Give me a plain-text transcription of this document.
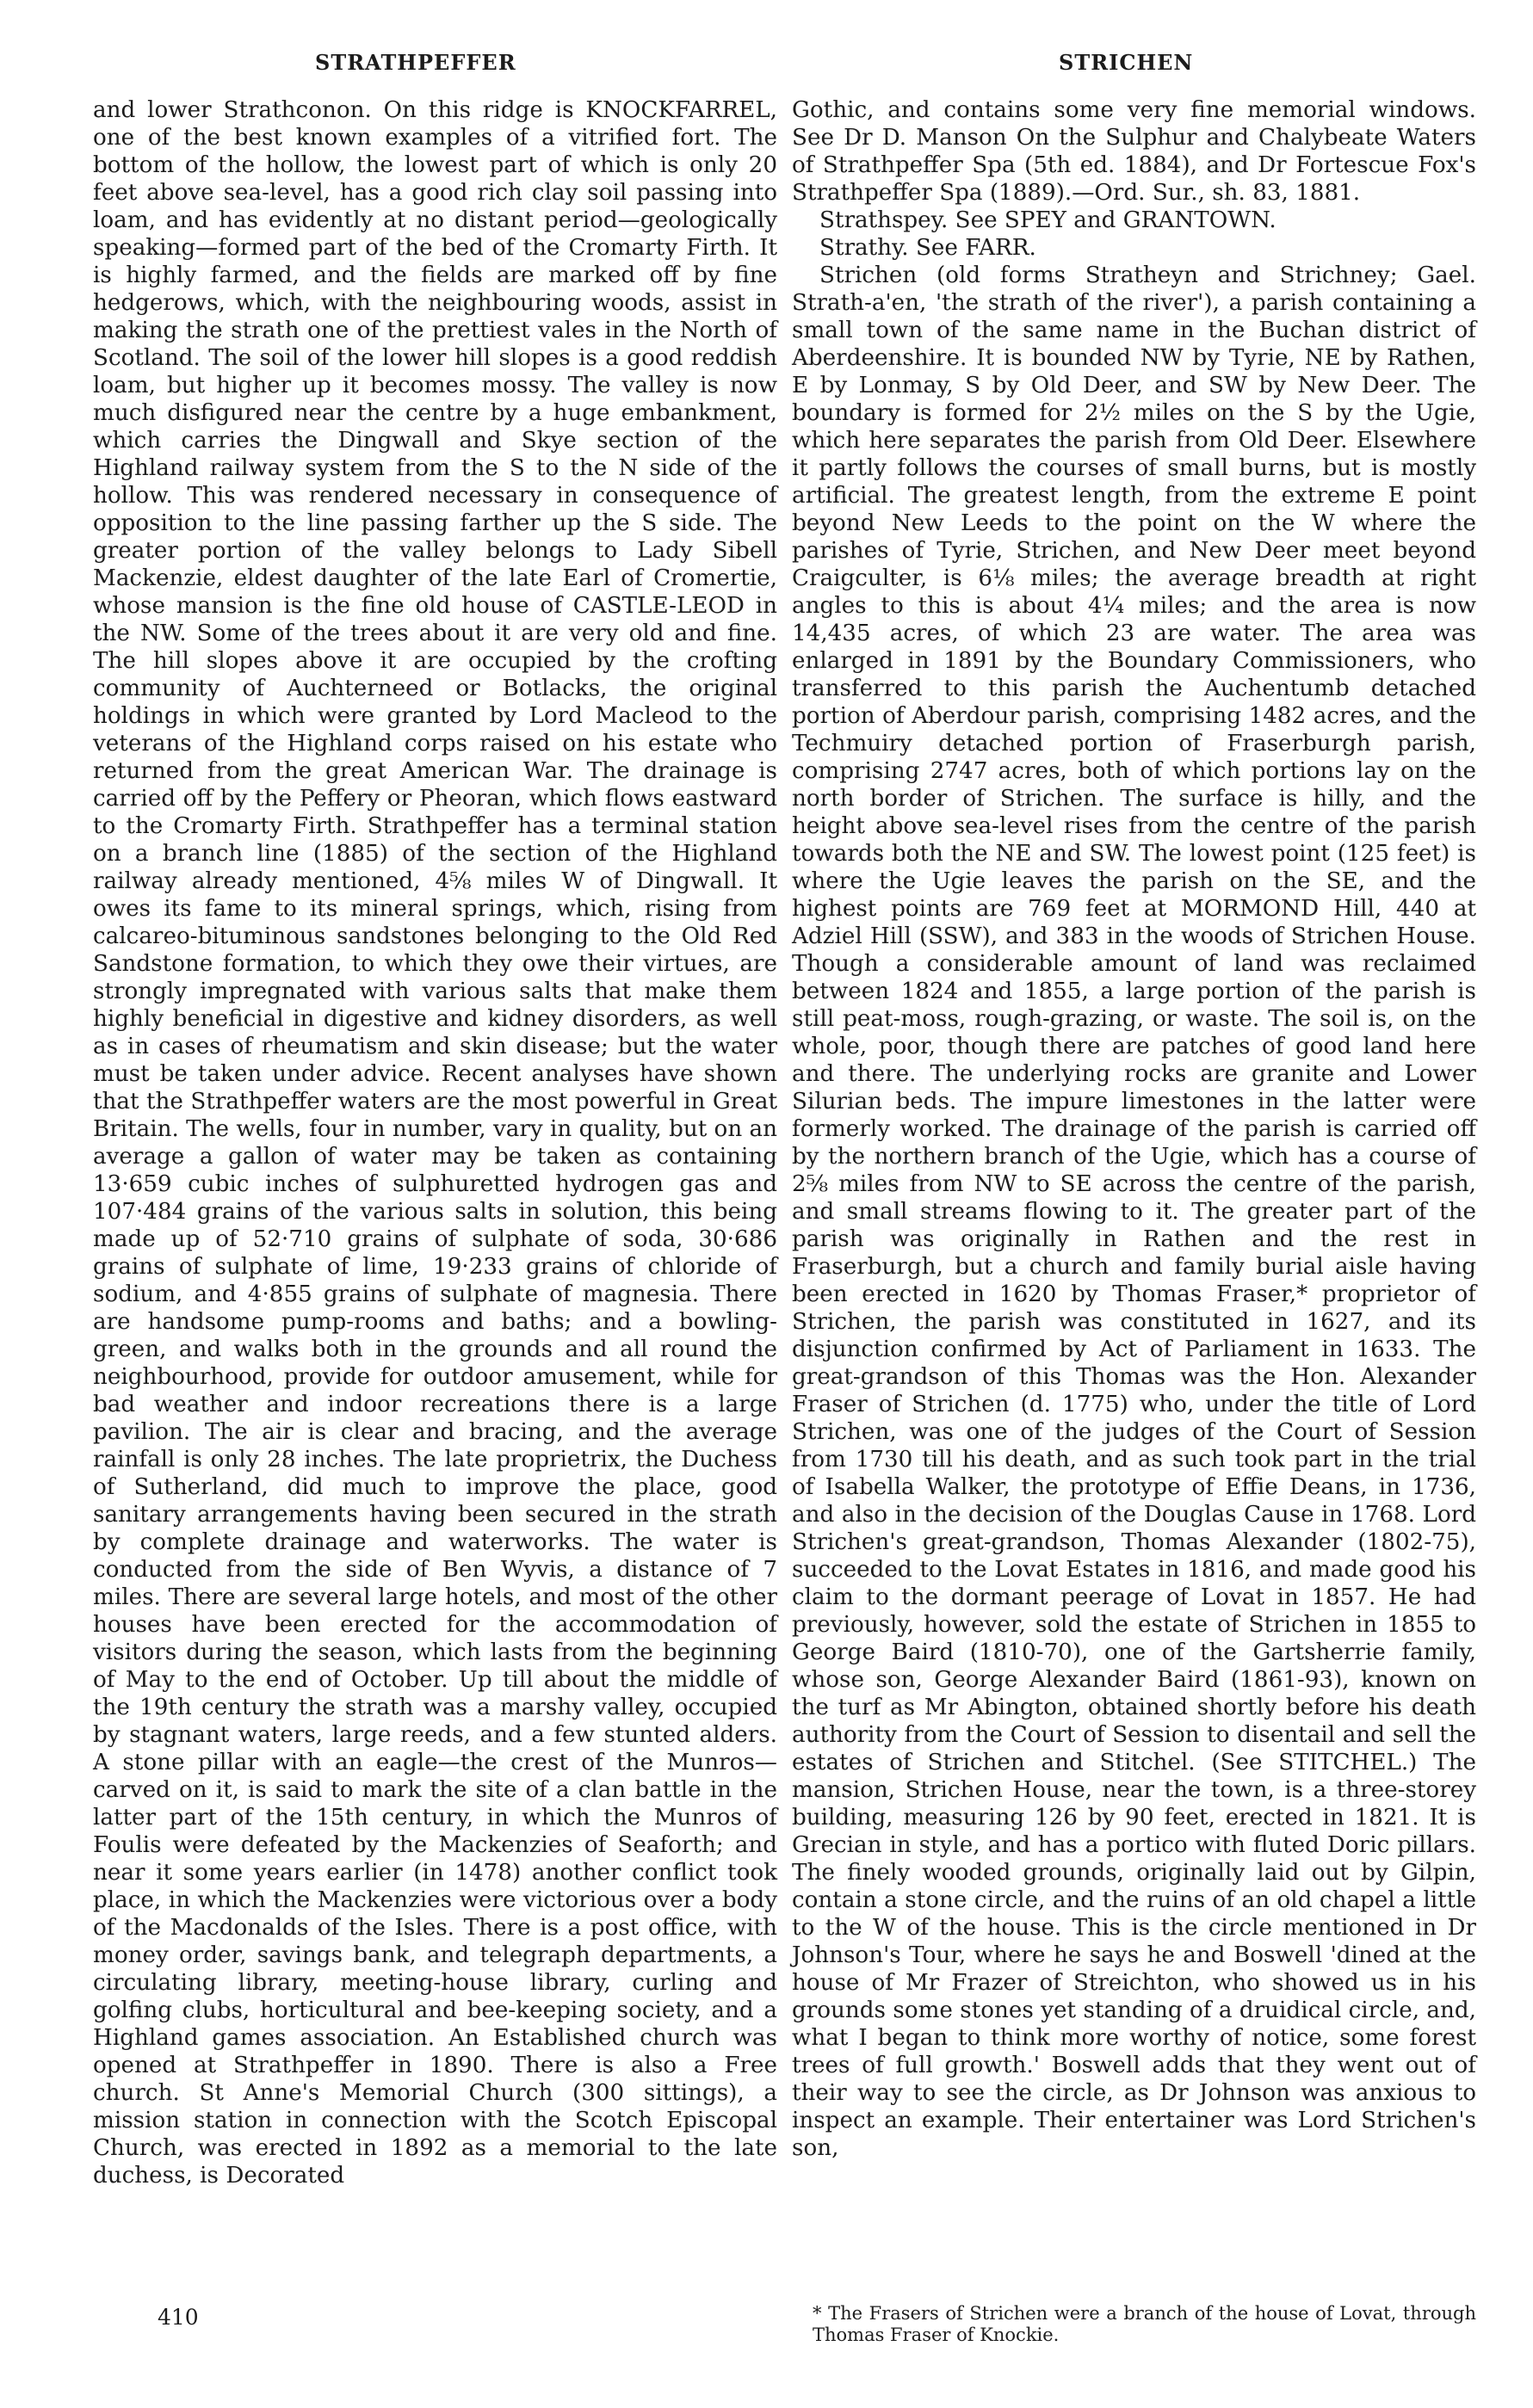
STRATHPEFFER	STRICHEN

and lower Strathconon. On this ridge is KNOCKFARREL, one of the best known examples of a vitrified fort. The bottom of the hollow, the lowest part of which is only 20 feet above sea-level, has a good rich clay soil passing into loam, and has evidently at no distant period—geologically speaking—formed part of the bed of the Cromarty Firth. It is highly farmed, and the fields are marked off by fine hedgerows, which, with the neighbouring woods, assist in making the strath one of the prettiest vales in the North of Scotland. The soil of the lower hill slopes is a good reddish loam, but higher up it becomes mossy. The valley is now much disfigured near the centre by a huge embankment, which carries the Dingwall and Skye section of the Highland railway system from the S to the N side of the hollow. This was rendered necessary in consequence of opposition to the line passing farther up the S side. The greater portion of the valley belongs to Lady Sibell Mackenzie, eldest daughter of the late Earl of Cromertie, whose mansion is the fine old house of CASTLE-LEOD in the NW. Some of the trees about it are very old and fine. The hill slopes above it are occupied by the crofting community of Auchterneed or Botlacks, the original holdings in which were granted by Lord Macleod to the veterans of the Highland corps raised on his estate who returned from the great American War. The drainage is carried off by the Peffery or Pheoran, which flows eastward to the Cromarty Firth. Strathpeffer has a terminal station on a branch line (1885) of the section of the Highland railway already mentioned, 4⅝ miles W of Dingwall. It owes its fame to its mineral springs, which, rising from calcareo-bituminous sandstones belonging to the Old Red Sandstone formation, to which they owe their virtues, are strongly impregnated with various salts that make them highly beneficial in digestive and kidney disorders, as well as in cases of rheumatism and skin disease; but the water must be taken under advice. Recent analyses have shown that the Strathpeffer waters are the most powerful in Great Britain. The wells, four in number, vary in quality, but on an average a gallon of water may be taken as containing 13·659 cubic inches of sulphuretted hydrogen gas and 107·484 grains of the various salts in solution, this being made up of 52·710 grains of sulphate of soda, 30·686 grains of sulphate of lime, 19·233 grains of chloride of sodium, and 4·855 grains of sulphate of magnesia. There are handsome pump-rooms and baths; and a bowling-green, and walks both in the grounds and all round the neighbourhood, provide for outdoor amusement, while for bad weather and indoor recreations there is a large pavilion. The air is clear and bracing, and the average rainfall is only 28 inches. The late proprietrix, the Duchess of Sutherland, did much to improve the place, good sanitary arrangements having been secured in the strath by complete drainage and waterworks. The water is conducted from the side of Ben Wyvis, a distance of 7 miles. There are several large hotels, and most of the other houses have been erected for the accommodation of visitors during the season, which lasts from the beginning of May to the end of October. Up till about the middle of the 19th century the strath was a marshy valley, occupied by stagnant waters, large reeds, and a few stunted alders. A stone pillar with an eagle—the crest of the Munros—carved on it, is said to mark the site of a clan battle in the latter part of the 15th century, in which the Munros of Foulis were defeated by the Mackenzies of Seaforth; and near it some years earlier (in 1478) another conflict took place, in which the Mackenzies were victorious over a body of the Macdonalds of the Isles. There is a post office, with money order, savings bank, and telegraph departments, a circulating library, meeting-house library, curling and golfing clubs, horticultural and bee-keeping society, and a Highland games association. An Established church was opened at Strathpeffer in 1890. There is also a Free church. St Anne's Memorial Church (300 sittings), a mission station in connection with the Scotch Episcopal Church, was erected in 1892 as a memorial to the late duchess, is Decorated

Gothic, and contains some very fine memorial windows. See Dr D. Manson On the Sulphur and Chalybeate Waters of Strathpeffer Spa (5th ed. 1884), and Dr Fortescue Fox's Strathpeffer Spa (1889).—Ord. Sur., sh. 83, 1881.

Strathspey. See SPEY and GRANTOWN.

Strathy. See FARR.

Strichen (old forms Stratheyn and Strichney; Gael. Strath-a'en, 'the strath of the river'), a parish containing a small town of the same name in the Buchan district of Aberdeenshire. It is bounded NW by Tyrie, NE by Rathen, E by Lonmay, S by Old Deer, and SW by New Deer. The boundary is formed for 2½ miles on the S by the Ugie, which here separates the parish from Old Deer. Elsewhere it partly follows the courses of small burns, but is mostly artificial. The greatest length, from the extreme E point beyond New Leeds to the point on the W where the parishes of Tyrie, Strichen, and New Deer meet beyond Craigculter, is 6⅛ miles; the average breadth at right angles to this is about 4¼ miles; and the area is now 14,435 acres, of which 23 are water. The area was enlarged in 1891 by the Boundary Commissioners, who transferred to this parish the Auchentumb detached portion of Aberdour parish, comprising 1482 acres, and the Techmuiry detached portion of Fraserburgh parish, comprising 2747 acres, both of which portions lay on the north border of Strichen. The surface is hilly, and the height above sea-level rises from the centre of the parish towards both the NE and SW. The lowest point (125 feet) is where the Ugie leaves the parish on the SE, and the highest points are 769 feet at MORMOND Hill, 440 at Adziel Hill (SSW), and 383 in the woods of Strichen House. Though a considerable amount of land was reclaimed between 1824 and 1855, a large portion of the parish is still peat-moss, rough-grazing, or waste. The soil is, on the whole, poor, though there are patches of good land here and there. The underlying rocks are granite and Lower Silurian beds. The impure limestones in the latter were formerly worked. The drainage of the parish is carried off by the northern branch of the Ugie, which has a course of 2⅝ miles from NW to SE across the centre of the parish, and small streams flowing to it. The greater part of the parish was originally in Rathen and the rest in Fraserburgh, but a church and family burial aisle having been erected in 1620 by Thomas Fraser,* proprietor of Strichen, the parish was constituted in 1627, and its disjunction confirmed by Act of Parliament in 1633. The great-grandson of this Thomas was the Hon. Alexander Fraser of Strichen (d. 1775) who, under the title of Lord Strichen, was one of the judges of the Court of Session from 1730 till his death, and as such took part in the trial of Isabella Walker, the prototype of Effie Deans, in 1736, and also in the decision of the Douglas Cause in 1768. Lord Strichen's great-grandson, Thomas Alexander (1802-75), succeeded to the Lovat Estates in 1816, and made good his claim to the dormant peerage of Lovat in 1857. He had previously, however, sold the estate of Strichen in 1855 to George Baird (1810-70), one of the Gartsherrie family, whose son, George Alexander Baird (1861-93), known on the turf as Mr Abington, obtained shortly before his death authority from the Court of Session to disentail and sell the estates of Strichen and Stitchel. (See STITCHEL.) The mansion, Strichen House, near the town, is a three-storey building, measuring 126 by 90 feet, erected in 1821. It is Grecian in style, and has a portico with fluted Doric pillars. The finely wooded grounds, originally laid out by Gilpin, contain a stone circle, and the ruins of an old chapel a little to the W of the house. This is the circle mentioned in Dr Johnson's Tour, where he says he and Boswell 'dined at the house of Mr Frazer of Streichton, who showed us in his grounds some stones yet standing of a druidical circle, and, what I began to think more worthy of notice, some forest trees of full growth.' Boswell adds that they went out of their way to see the circle, as Dr Johnson was anxious to inspect an example. Their entertainer was Lord Strichen's son,

* The Frasers of Strichen were a branch of the house of Lovat, through Thomas Fraser of Knockie.
410
